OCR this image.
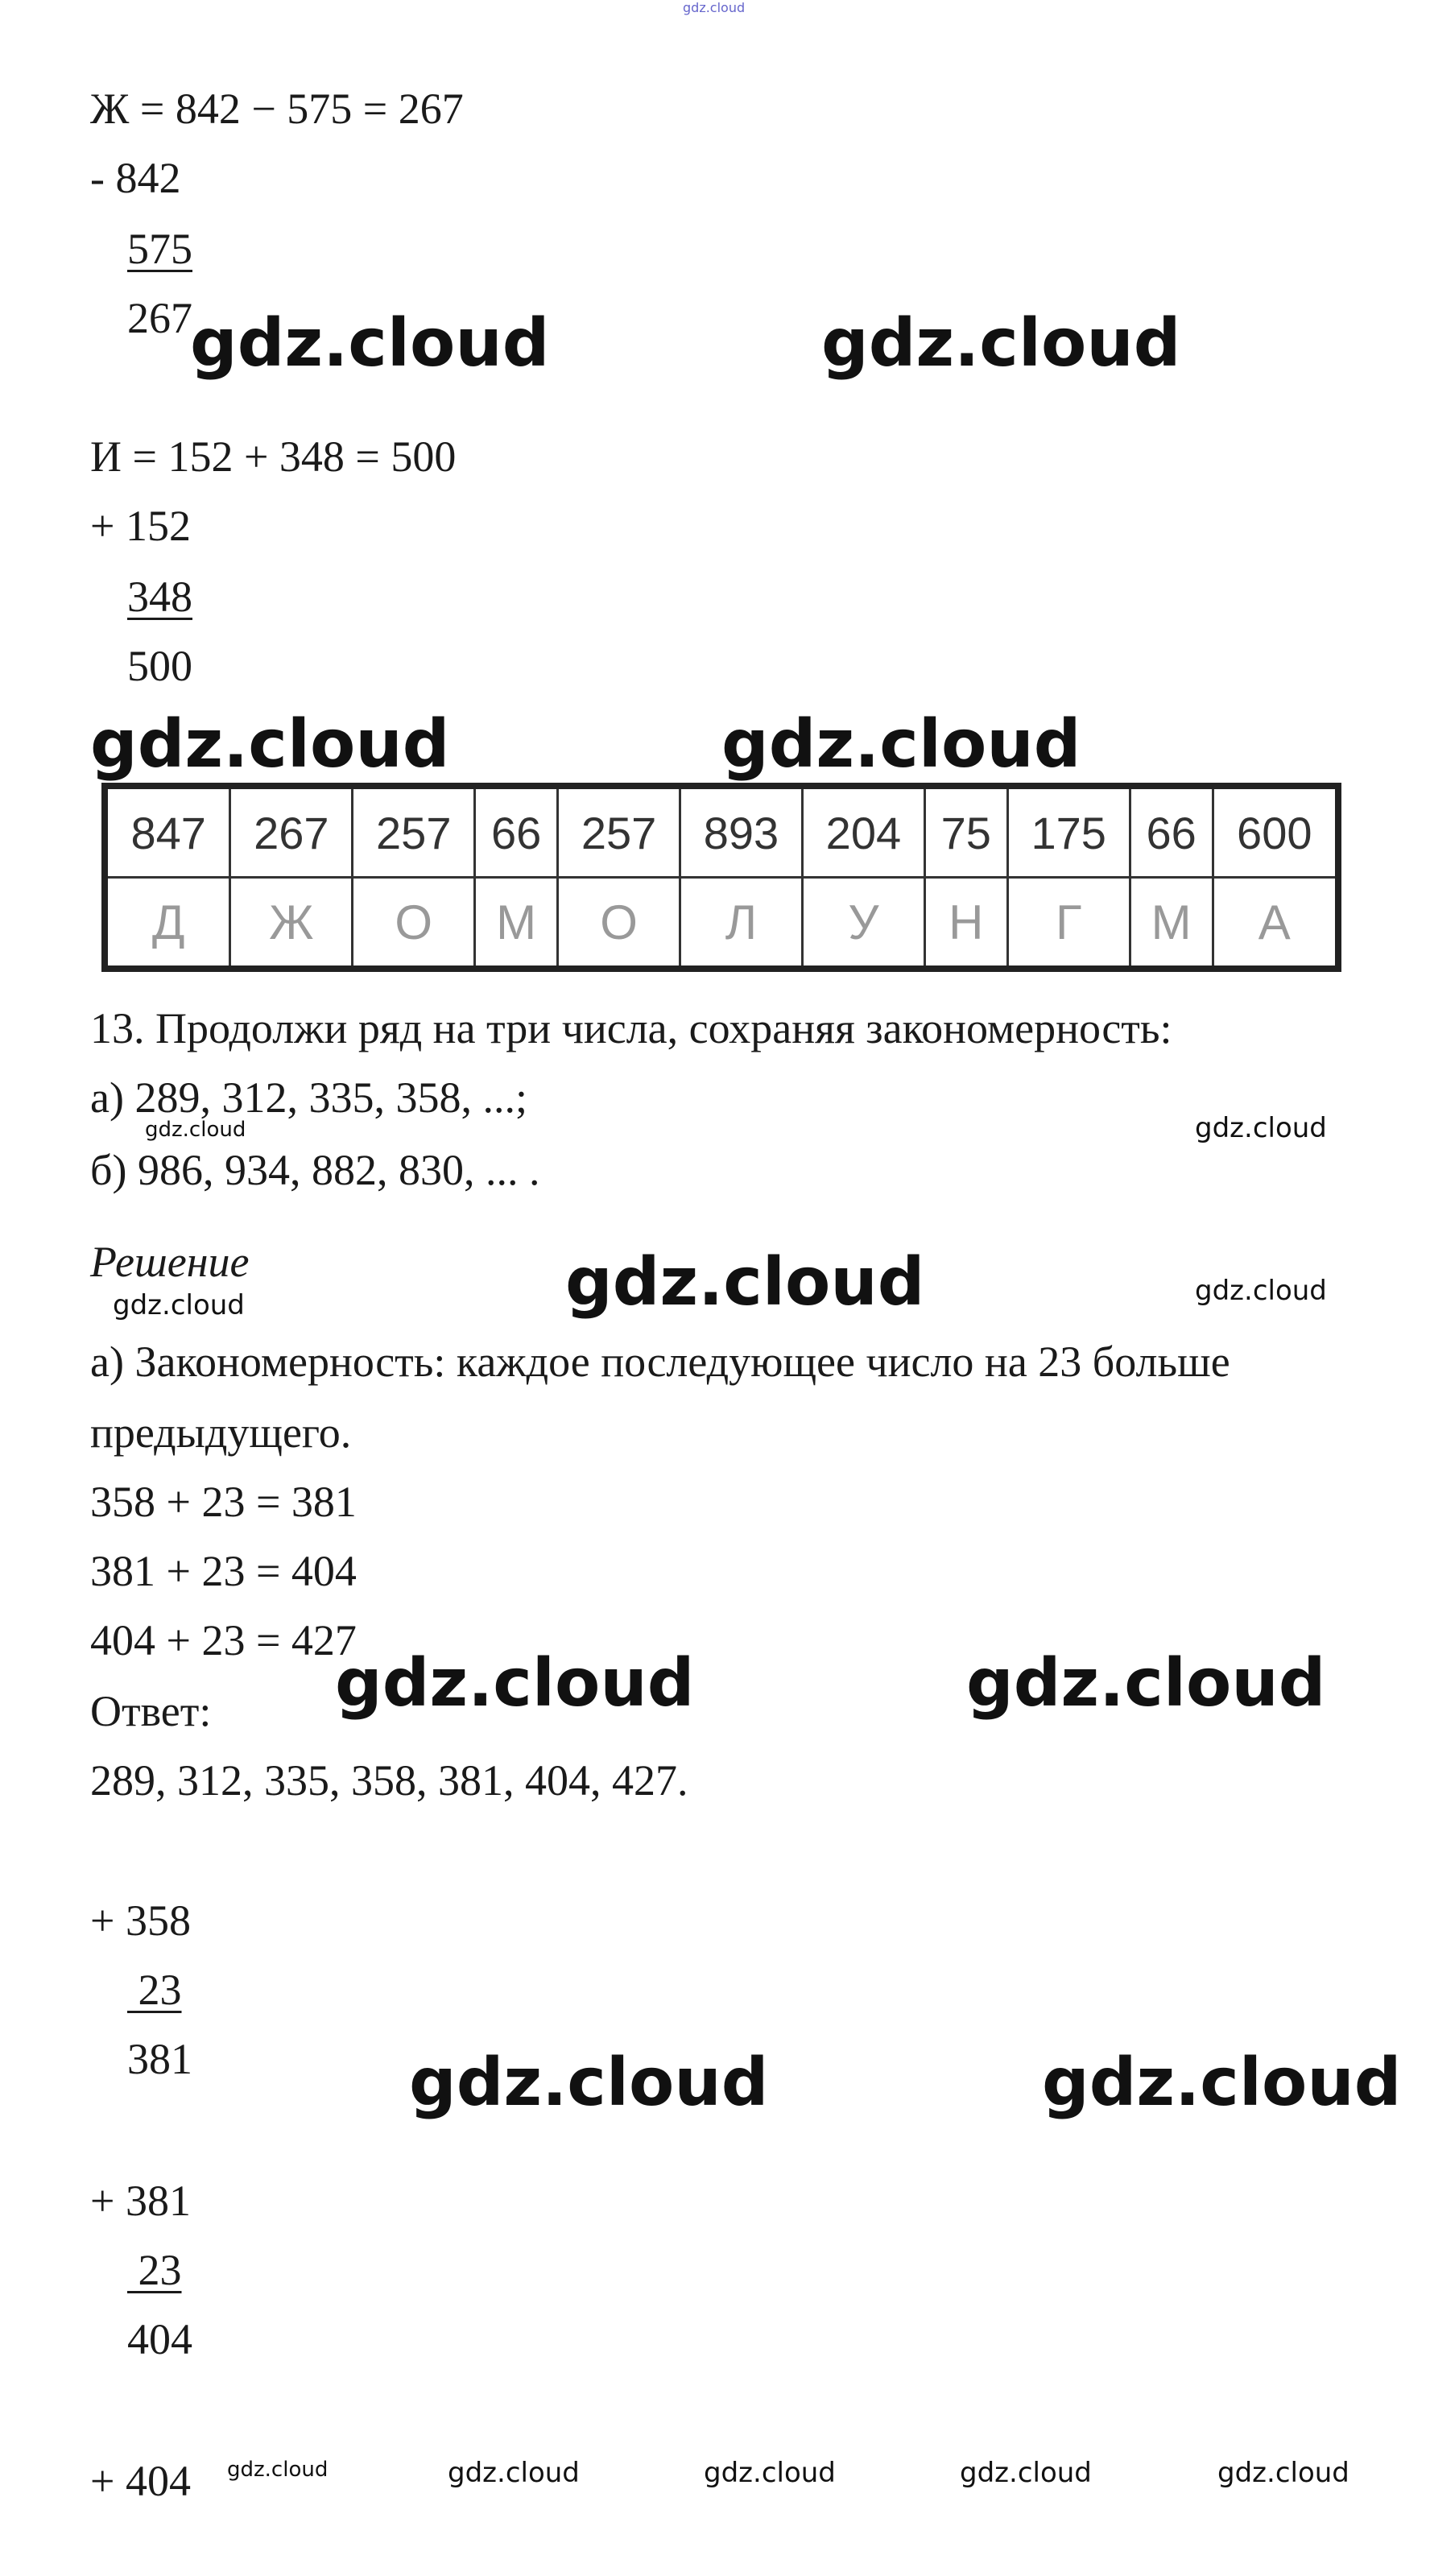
gdz.cloud
Ж = 842 − 575 = 267
- 842
575
267
gdz.cloud	gdz.cloud
И = 152 + 348 = 500
+ 152
348
500
gdz.cloud	gdz.cloud
847	267	257	66	257	893	204	75	175	66	600
Д	Ж	О	М	О	Л	У	Н	Г	М	А
13. Продолжи ряд на три числа, сохраняя закономерность:
а) 289, 312, 335, 358, ...;
gdz.cloud	gdz.cloud
б) 986, 934, 882, 830, ... .
Решение
gdz.cloud	gdz.cloud	gdz.cloud
а) Закономерность: каждое последующее число на 23 больше
предыдущего.
358 + 23 = 381
381 + 23 = 404
404 + 23 = 427
gdz.cloud	gdz.cloud
Ответ:
289, 312, 335, 358, 381, 404, 427.
+ 358
23
381	gdz.cloud	gdz.cloud
+ 381
23
404
+ 404 gdz.cloud	gdz.cloud	gdz.cloud	gdz.cloud	gdz.cloud
